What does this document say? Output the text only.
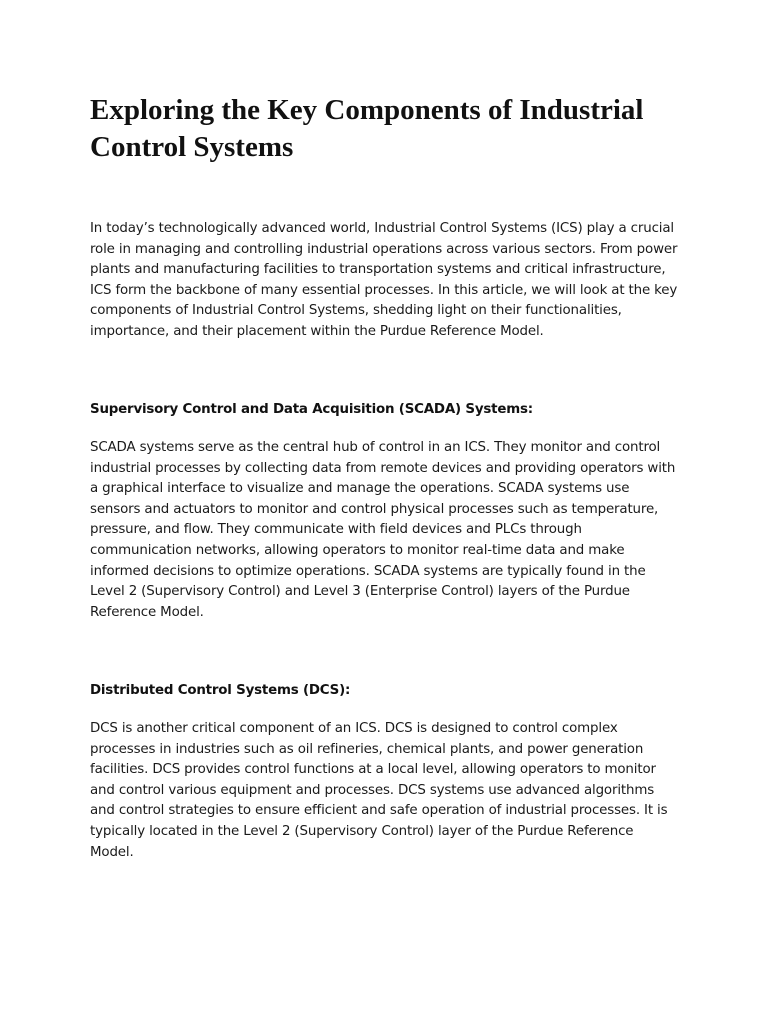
Exploring the Key Components of Industrial Control Systems

In today’s technologically advanced world, Industrial Control Systems (ICS) play a crucial role in managing and controlling industrial operations across various sectors. From power plants and manufacturing facilities to transportation systems and critical infrastructure, ICS form the backbone of many essential processes. In this article, we will look at the key components of Industrial Control Systems, shedding light on their functionalities, importance, and their placement within the Purdue Reference Model.

Supervisory Control and Data Acquisition (SCADA) Systems:

SCADA systems serve as the central hub of control in an ICS. They monitor and control industrial processes by collecting data from remote devices and providing operators with a graphical interface to visualize and manage the operations. SCADA systems use sensors and actuators to monitor and control physical processes such as temperature, pressure, and flow. They communicate with field devices and PLCs through communication networks, allowing operators to monitor real-time data and make informed decisions to optimize operations. SCADA systems are typically found in the Level 2 (Supervisory Control) and Level 3 (Enterprise Control) layers of the Purdue Reference Model.

Distributed Control Systems (DCS):

DCS is another critical component of an ICS. DCS is designed to control complex processes in industries such as oil refineries, chemical plants, and power generation facilities. DCS provides control functions at a local level, allowing operators to monitor and control various equipment and processes. DCS systems use advanced algorithms and control strategies to ensure efficient and safe operation of industrial processes. It is typically located in the Level 2 (Supervisory Control) layer of the Purdue Reference Model.
